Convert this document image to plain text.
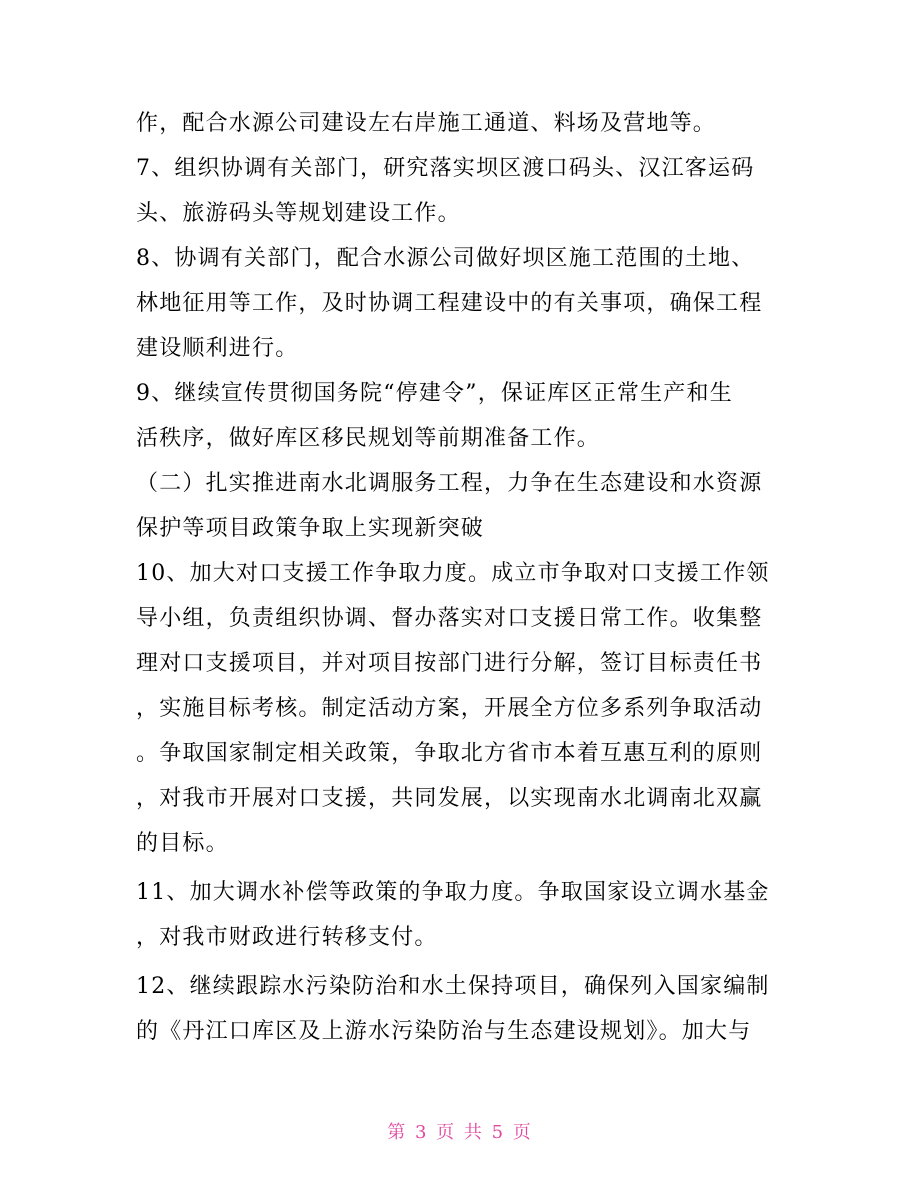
作，配合水源公司建设左右岸施工通道、料场及营地等。
7、组织协调有关部门，研究落实坝区渡口码头、汉江客运码
头、旅游码头等规划建设工作。
8、协调有关部门，配合水源公司做好坝区施工范围的土地、
林地征用等工作，及时协调工程建设中的有关事项，确保工程
建设顺利进行。
9、继续宣传贯彻国务院“停建令”，保证库区正常生产和生
活秩序，做好库区移民规划等前期准备工作。
（二）扎实推进南水北调服务工程，力争在生态建设和水资源
保护等项目政策争取上实现新突破
10、加大对口支援工作争取力度。成立市争取对口支援工作领
导小组，负责组织协调、督办落实对口支援日常工作。收集整
理对口支援项目，并对项目按部门进行分解，签订目标责任书
，实施目标考核。制定活动方案，开展全方位多系列争取活动
。争取国家制定相关政策，争取北方省市本着互惠互利的原则
，对我市开展对口支援，共同发展，以实现南水北调南北双赢
的目标。
11、加大调水补偿等政策的争取力度。争取国家设立调水基金
，对我市财政进行转移支付。
12、继续跟踪水污染防治和水土保持项目，确保列入国家编制
的《丹江口库区及上游水污染防治与生态建设规划》。加大与
第 3 页 共 5 页
